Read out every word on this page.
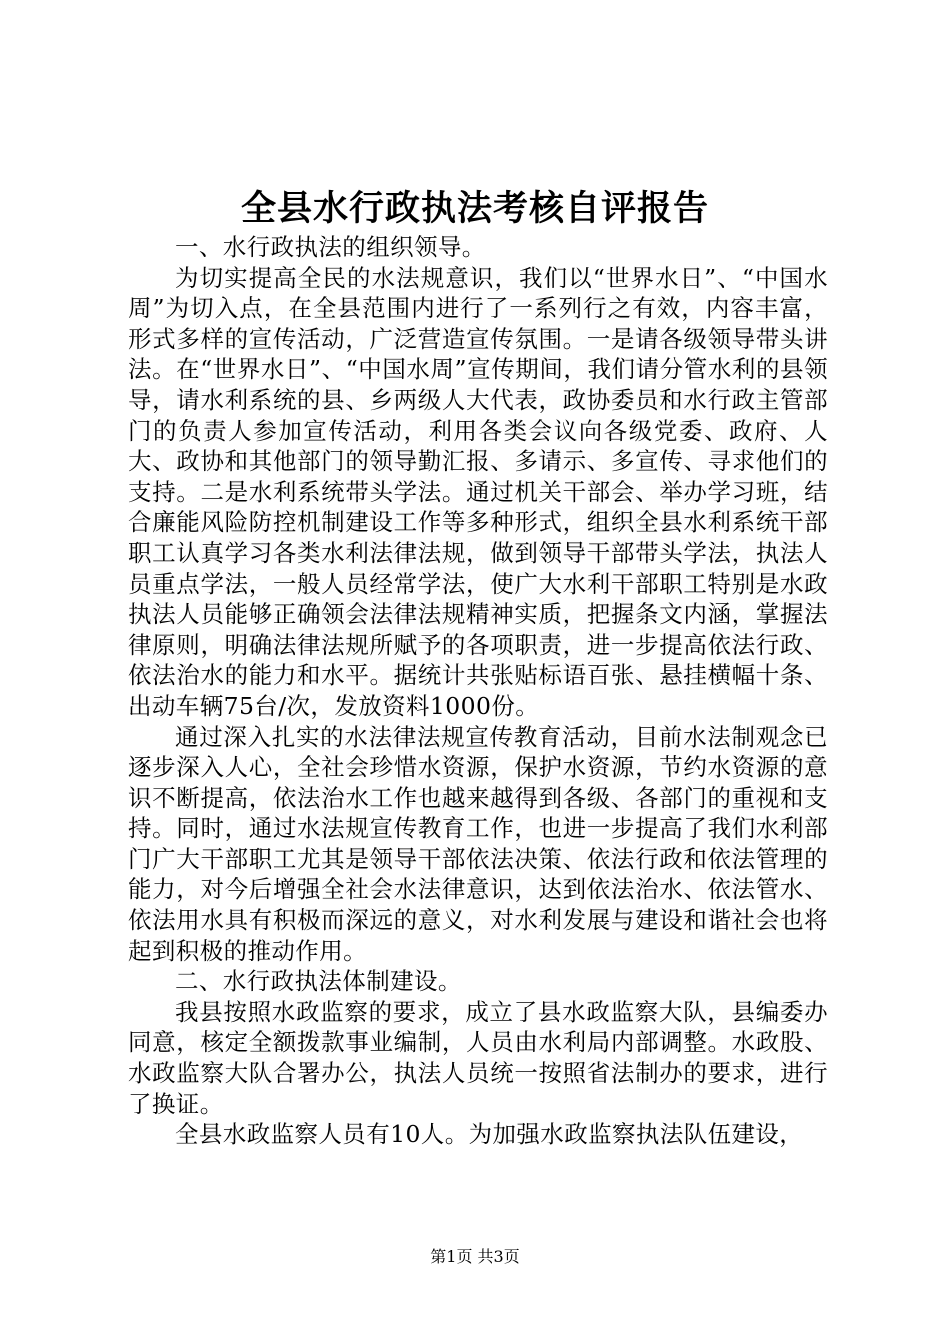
全县水行政执法考核自评报告

一、水行政执法的组织领导。

为切实提高全民的水法规意识，我们以“世界水日”、“中国水周”为切入点，在全县范围内进行了一系列行之有效，内容丰富，形式多样的宣传活动，广泛营造宣传氛围。一是请各级领导带头讲法。在“世界水日”、“中国水周”宣传期间，我们请分管水利的县领导，请水利系统的县、乡两级人大代表，政协委员和水行政主管部门的负责人参加宣传活动，利用各类会议向各级党委、政府、人大、政协和其他部门的领导勤汇报、多请示、多宣传、寻求他们的支持。二是水利系统带头学法。通过机关干部会、举办学习班，结合廉能风险防控机制建设工作等多种形式，组织全县水利系统干部职工认真学习各类水利法律法规，做到领导干部带头学法，执法人员重点学法，一般人员经常学法，使广大水利干部职工特别是水政执法人员能够正确领会法律法规精神实质，把握条文内涵，掌握法律原则，明确法律法规所赋予的各项职责，进一步提高依法行政、依法治水的能力和水平。据统计共张贴标语百张、悬挂横幅十条、出动车辆75台/次，发放资料1000份。

通过深入扎实的水法律法规宣传教育活动，目前水法制观念已逐步深入人心，全社会珍惜水资源，保护水资源，节约水资源的意识不断提高，依法治水工作也越来越得到各级、各部门的重视和支持。同时，通过水法规宣传教育工作，也进一步提高了我们水利部门广大干部职工尤其是领导干部依法决策、依法行政和依法管理的能力，对今后增强全社会水法律意识，达到依法治水、依法管水、依法用水具有积极而深远的意义，对水利发展与建设和谐社会也将起到积极的推动作用。

二、水行政执法体制建设。

我县按照水政监察的要求，成立了县水政监察大队，县编委办同意，核定全额拨款事业编制，人员由水利局内部调整。水政股、水政监察大队合署办公，执法人员统一按照省法制办的要求，进行了换证。

全县水政监察人员有10人。为加强水政监察执法队伍建设，

第1页 共3页
